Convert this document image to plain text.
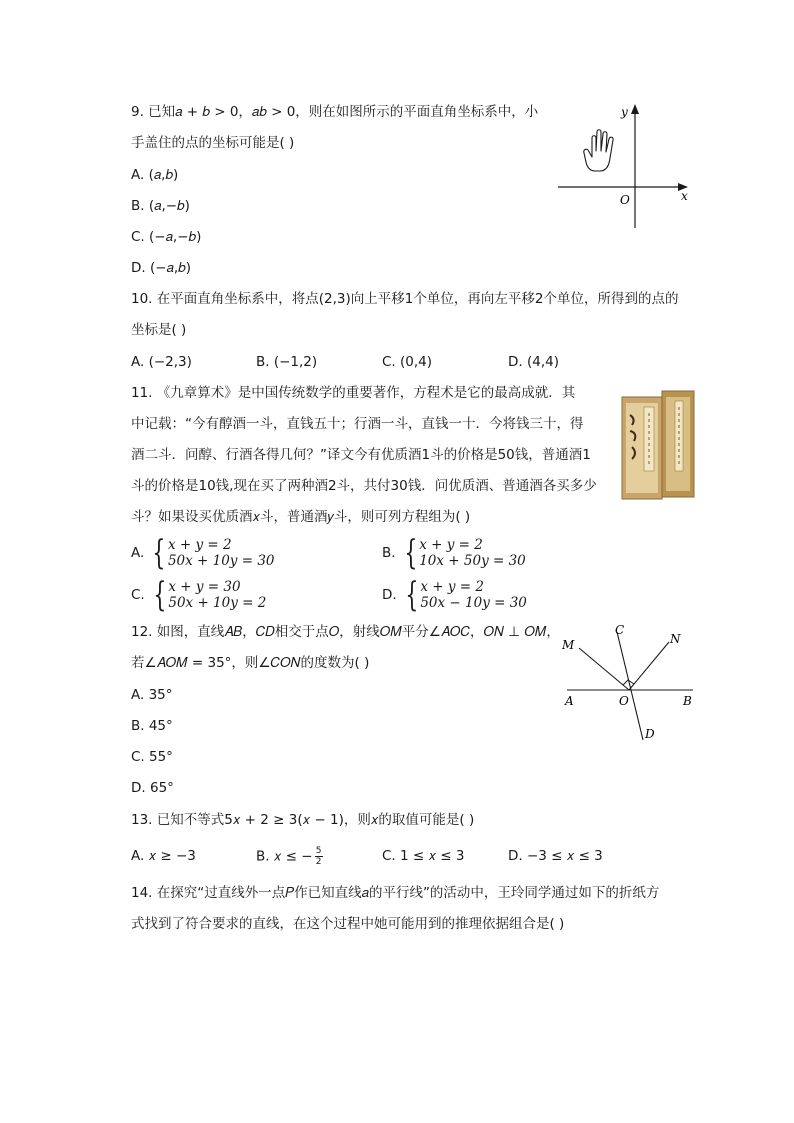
9. 已知𝑎 + 𝑏 > 0，𝑎𝑏 > 0，则在如图所示的平面直角坐标系中，小
手盖住的点的坐标可能是( )
A. (𝑎,𝑏)
B. (𝑎,−𝑏)
C. (−𝑎,−𝑏)
D. (−𝑎,𝑏)
y
x
O
10. 在平面直角坐标系中，将点(2,3)向上平移1个单位，再向左平移2个单位，所得到的点的
坐标是( )
A. (−2,3)	B. (−1,2)	C. (0,4)	D. (4,4)
11. 《九章算术》是中国传统数学的重要著作，方程术是它的最高成就．其
中记载：“今有醇酒一斗，直钱五十；行酒一斗，直钱一十．今将钱三十，得
酒二斗．问醇、行酒各得几何？”译文今有优质酒1斗的价格是50钱，普通酒1
斗的价格是10钱,现在买了两种酒2斗，共付30钱．问优质酒、普通酒各买多少
斗？如果设买优质酒𝑥斗，普通酒𝑦斗，则可列方程组为( )
A. { 𝑥 + 𝑦 = 2
50𝑥 + 10𝑦 = 30	B. { 𝑥 + 𝑦 = 2
10𝑥 + 50𝑦 = 30
C. { 𝑥 + 𝑦 = 30
50𝑥 + 10𝑦 = 2	D. { 𝑥 + 𝑦 = 2
50𝑥 − 10𝑦 = 30
12. 如图，直线𝐴𝐵，𝐶𝐷相交于点𝑂，射线𝑂𝑀平分∠𝐴𝑂𝐶，𝑂𝑁 ⊥ 𝑂𝑀，
若∠𝐴𝑂𝑀 = 35°，则∠𝐶𝑂𝑁的度数为( )
A. 35°
B. 45°
C. 55°
D. 65°
C
N
M
A	O	B
D
13. 已知不等式5𝑥 + 2 ≥ 3(𝑥 − 1)，则𝑥的取值可能是( )
A. 𝑥 ≥ −3	B. 𝑥 ≤ − $\frac{5}{2}$	C. 1 ≤ 𝑥 ≤ 3	D. −3 ≤ 𝑥 ≤ 3
14. 在探究“过直线外一点𝑃作已知直线𝑎的平行线”的活动中，王玲同学通过如下的折纸方
式找到了符合要求的直线，在这个过程中她可能用到的推理依据组合是( )
